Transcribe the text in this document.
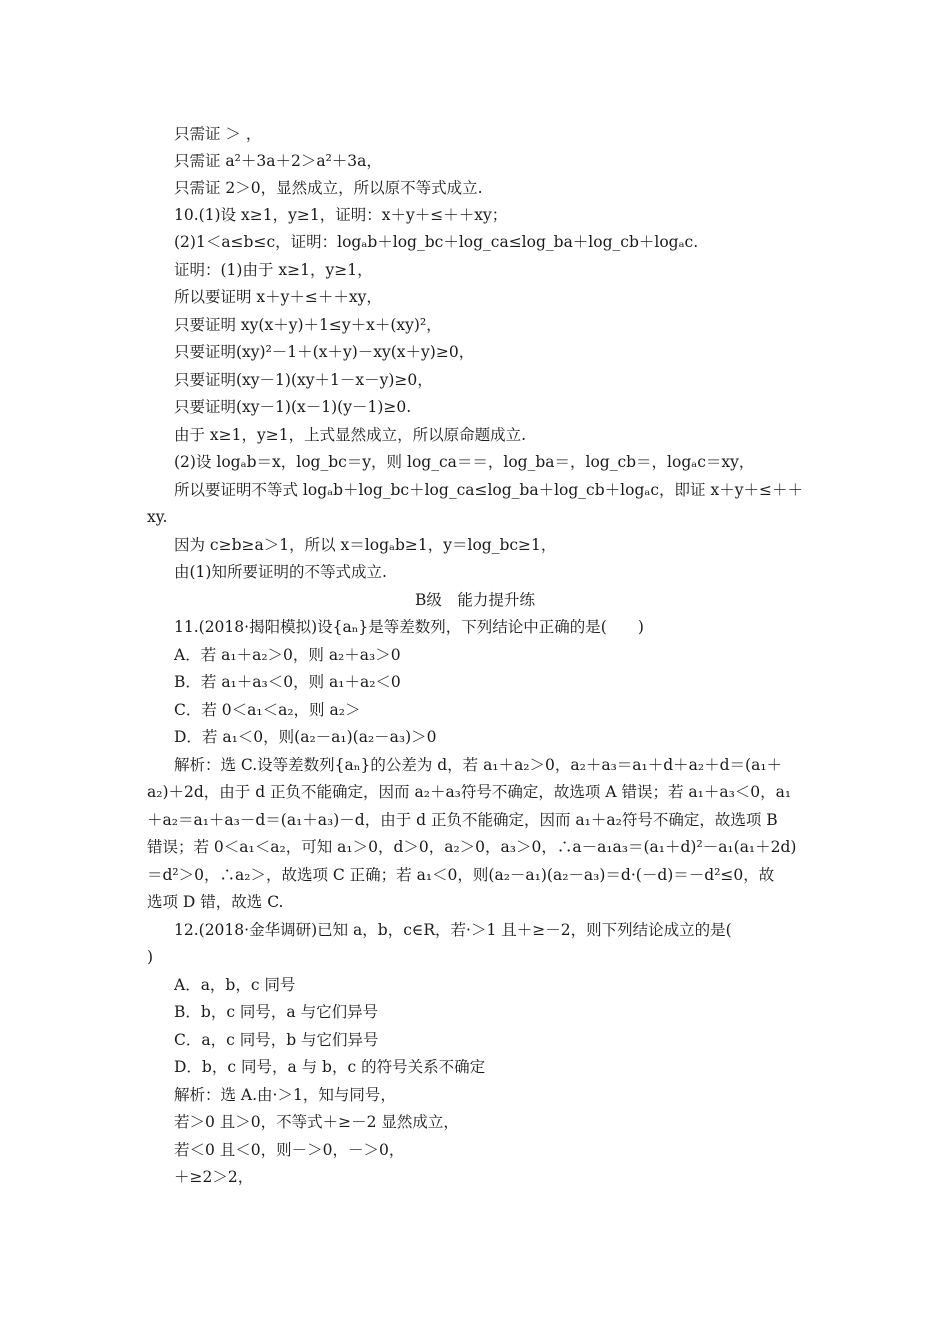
只需证 ＞ ，
只需证 a²＋3a＋2＞a²＋3a，
只需证 2＞0，显然成立，所以原不等式成立.
10.(1)设 x≥1，y≥1，证明：x＋y＋≤＋＋xy；
(2)1＜a≤b≤c，证明：logₐb＋log_bc＋log_ca≤log_ba＋log_cb＋logₐc.
证明：(1)由于 x≥1，y≥1，
所以要证明 x＋y＋≤＋＋xy，
只要证明 xy(x＋y)＋1≤y＋x＋(xy)²，
只要证明(xy)²－1＋(x＋y)－xy(x＋y)≥0，
只要证明(xy－1)(xy＋1－x－y)≥0，
只要证明(xy－1)(x－1)(y－1)≥0.
由于 x≥1，y≥1，上式显然成立，所以原命题成立.
(2)设 logₐb＝x，log_bc＝y，则 log_ca＝＝，log_ba＝，log_cb＝，logₐc＝xy，
所以要证明不等式 logₐb＋log_bc＋log_ca≤log_ba＋log_cb＋logₐc，即证 x＋y＋≤＋＋
xy.
因为 c≥b≥a＞1，所以 x＝logₐb≥1，y＝log_bc≥1，
由(1)知所要证明的不等式成立.
B级　能力提升练
11.(2018·揭阳模拟)设{aₙ}是等差数列，下列结论中正确的是(　　)
A．若 a₁＋a₂＞0，则 a₂＋a₃＞0
B．若 a₁＋a₃＜0，则 a₁＋a₂＜0
C．若 0＜a₁＜a₂，则 a₂＞
D．若 a₁＜0，则(a₂－a₁)(a₂－a₃)＞0
解析：选 C.设等差数列{aₙ}的公差为 d，若 a₁＋a₂＞0，a₂＋a₃＝a₁＋d＋a₂＋d＝(a₁＋
a₂)＋2d，由于 d 正负不能确定，因而 a₂＋a₃符号不确定，故选项 A 错误；若 a₁＋a₃＜0，a₁
＋a₂＝a₁＋a₃－d＝(a₁＋a₃)－d，由于 d 正负不能确定，因而 a₁＋a₂符号不确定，故选项 B
错误；若 0＜a₁＜a₂，可知 a₁＞0，d＞0，a₂＞0，a₃＞0，∴a－a₁a₃＝(a₁＋d)²－a₁(a₁＋2d)
＝d²＞0，∴a₂＞，故选项 C 正确；若 a₁＜0，则(a₂－a₁)(a₂－a₃)＝d·(－d)＝－d²≤0，故
选项 D 错，故选 C.
12.(2018·金华调研)已知 a，b，c∈R，若·＞1 且＋≥－2，则下列结论成立的是(
)
A．a，b，c 同号
B．b，c 同号，a 与它们异号
C．a，c 同号，b 与它们异号
D．b，c 同号，a 与 b，c 的符号关系不确定
解析：选 A.由·＞1，知与同号，
若＞0 且＞0，不等式＋≥－2 显然成立，
若＜0 且＜0，则－＞0，－＞0，
＋≥2＞2，
